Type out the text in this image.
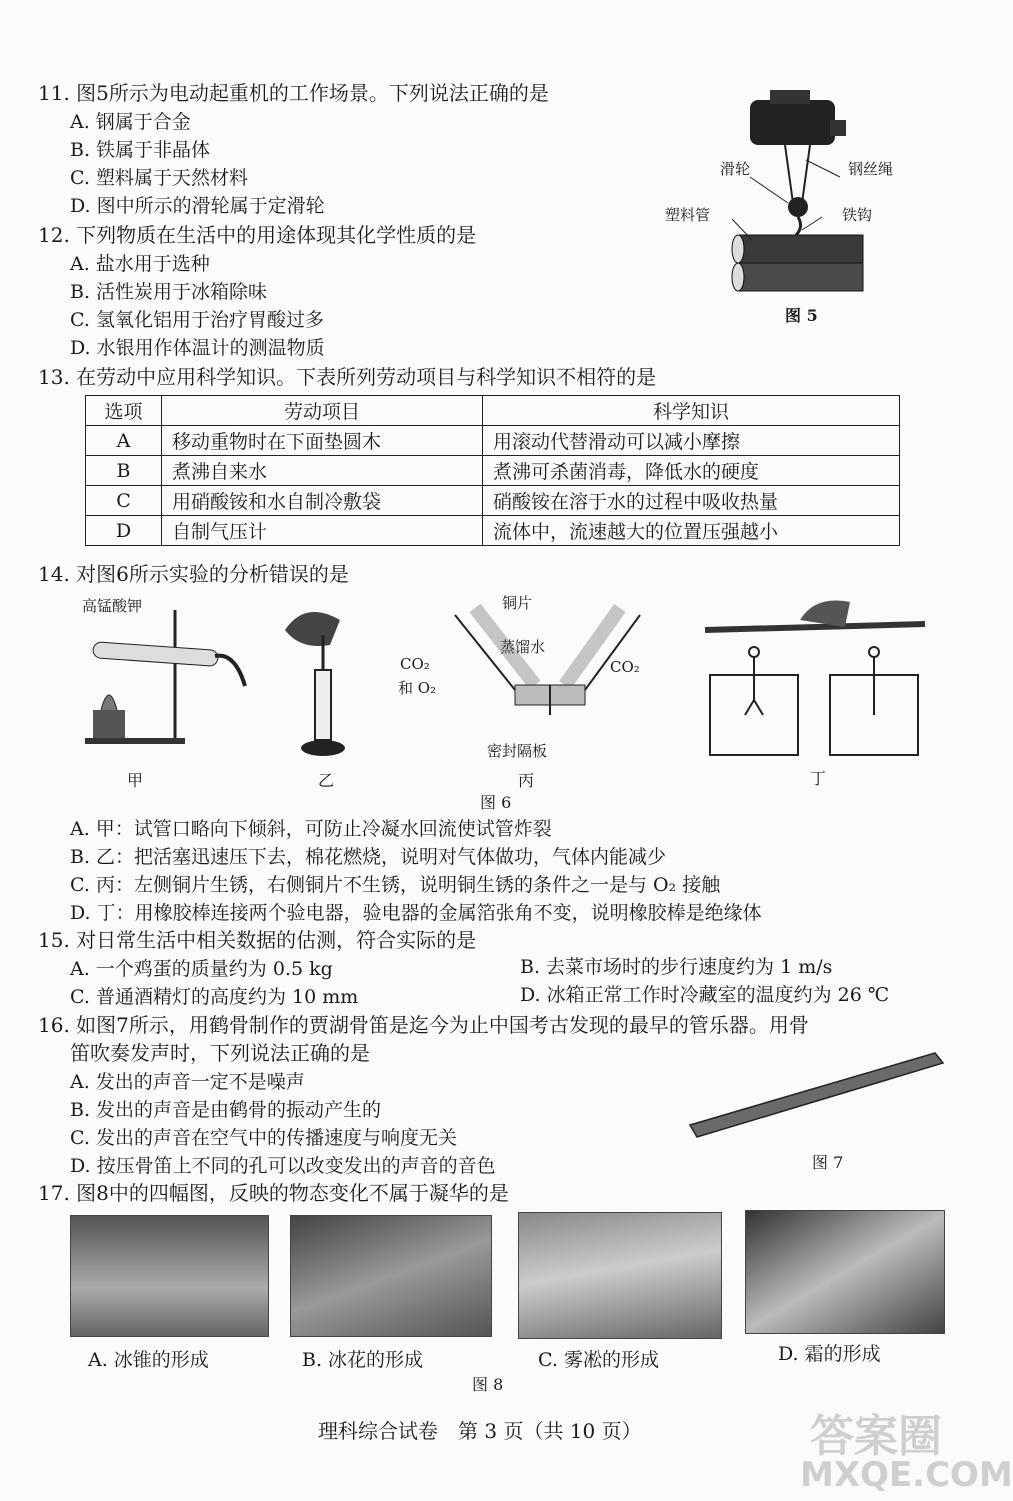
11. 图5所示为电动起重机的工作场景。下列说法正确的是
A. 钢属于合金
B. 铁属于非晶体
C. 塑料属于天然材料
D. 图中所示的滑轮属于定滑轮
滑轮	钢丝绳
塑料管	铁钩
图 5
12. 下列物质在生活中的用途体现其化学性质的是
A. 盐水用于选种
B. 活性炭用于冰箱除味
C. 氢氧化铝用于治疗胃酸过多
D. 水银用作体温计的测温物质
13. 在劳动中应用科学知识。下表所列劳动项目与科学知识不相符的是
选项	劳动项目	科学知识
A	移动重物时在下面垫圆木	用滚动代替滑动可以减小摩擦
B	煮沸自来水	煮沸可杀菌消毒，降低水的硬度
C	用硝酸铵和水自制冷敷袋	硝酸铵在溶于水的过程中吸收热量
D	自制气压计	流体中，流速越大的位置压强越小
14. 对图6所示实验的分析错误的是
高锰酸钾	铜片
蒸馏水
CO₂
和 O₂
CO₂
密封隔板
甲	乙	丙	丁
图 6
A. 甲：试管口略向下倾斜，可防止冷凝水回流使试管炸裂
B. 乙：把活塞迅速压下去，棉花燃烧，说明对气体做功，气体内能减少
C. 丙：左侧铜片生锈，右侧铜片不生锈，说明铜生锈的条件之一是与 O₂ 接触
D. 丁：用橡胶棒连接两个验电器，验电器的金属箔张角不变，说明橡胶棒是绝缘体
15. 对日常生活中相关数据的估测，符合实际的是
A. 一个鸡蛋的质量约为 0.5 kg	B. 去菜市场时的步行速度约为 1 m/s
C. 普通酒精灯的高度约为 10 mm	D. 冰箱正常工作时冷藏室的温度约为 26 ℃
16. 如图7所示，用鹤骨制作的贾湖骨笛是迄今为止中国考古发现的最早的管乐器。用骨
笛吹奏发声时，下列说法正确的是
A. 发出的声音一定不是噪声
B. 发出的声音是由鹤骨的振动产生的
C. 发出的声音在空气中的传播速度与响度无关
D. 按压骨笛上不同的孔可以改变发出的声音的音色	图 7
17. 图8中的四幅图，反映的物态变化不属于凝华的是
A. 冰锥的形成	B. 冰花的形成	C. 雾凇的形成	D. 霜的形成
图 8
理科综合试卷　第 3 页（共 10 页）	答案圈
MXQE.COM
